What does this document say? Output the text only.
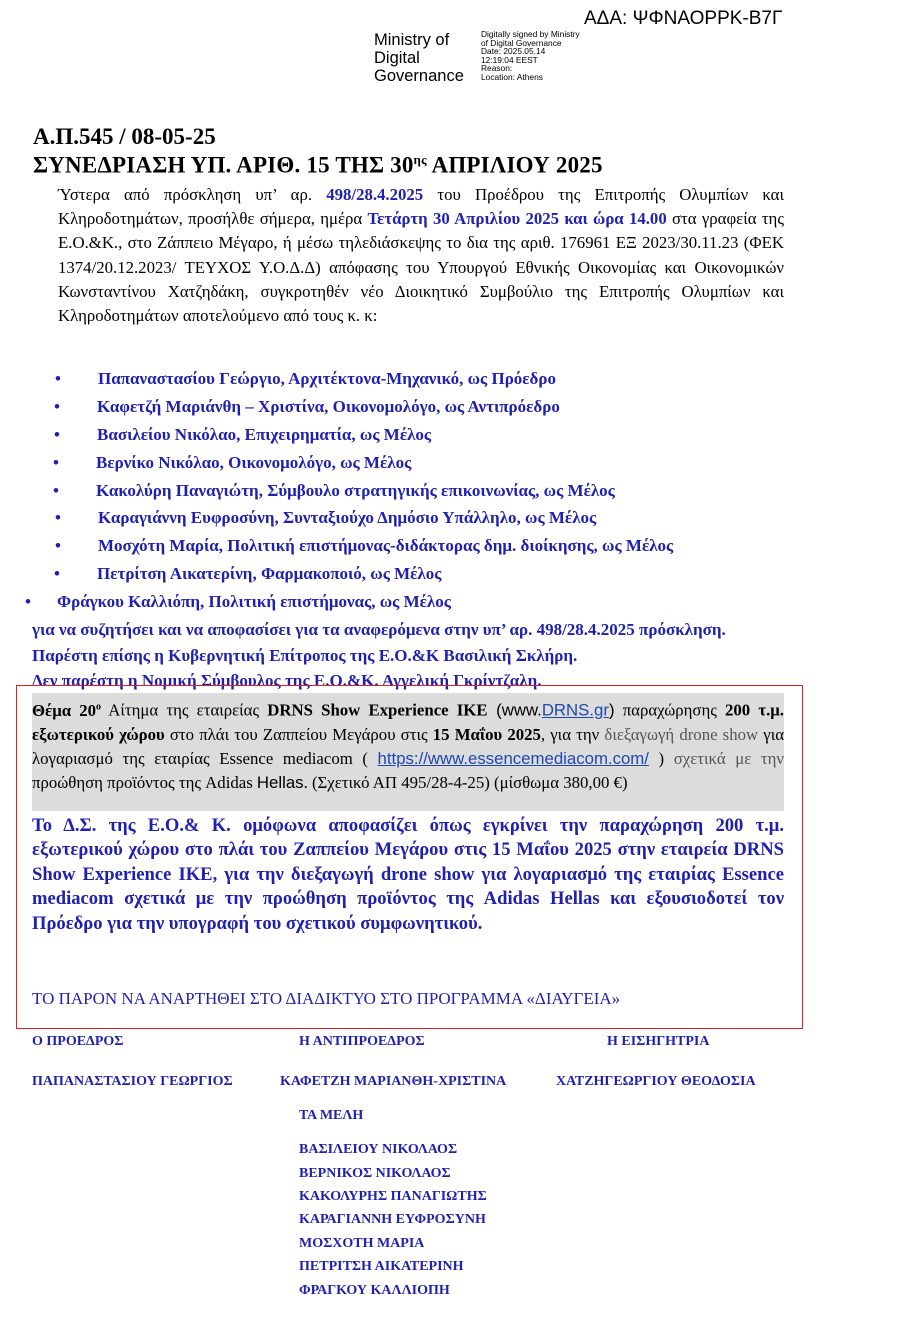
ΑΔΑ: ΨΦΝΑΟΡΡΚ-Β7Γ
Ministry of
Digital
Governance
Digitally signed by Ministry
of Digital Governance
Date: 2025.05.14
12:19:04 EEST
Reason:
Location: Athens
Α.Π.545 / 08-05-25
ΣΥΝΕΔΡΙΑΣΗ ΥΠ. ΑΡΙΘ. 15 ΤΗΣ $30^{\eta\varsigma}$ ΑΠΡΙΛΙΟΥ 2025
Ύστερα από πρόσκληση υπ’ αρ. 498/28.4.2025 του Προέδρου της Επιτροπής Ολυμπίων και Κληροδοτημάτων, προσήλθε σήμερα, ημέρα Τετάρτη 30 Απριλίου 2025 και ώρα 14.00 στα γραφεία της Ε.Ο.&Κ., στο Ζάππειο Μέγαρο, ή μέσω τηλεδιάσκεψης το δια της αριθ. 176961 ΕΞ 2023/30.11.23 (ΦΕΚ 1374/20.12.2023/ ΤΕΥΧΟΣ Υ.Ο.Δ.Δ) απόφασης του Υπουργού Εθνικής Οικονομίας και Οικονομικών Κωνσταντίνου Χατζηδάκη, συγκροτηθέν νέο Διοικητικό Συμβούλιο της Επιτροπής Ολυμπίων και Κληροδοτημάτων αποτελούμενο από τους κ. κ:
• Παπαναστασίου Γεώργιο, Αρχιτέκτονα-Μηχανικό, ως Πρόεδρο
• Καφετζή Μαριάνθη – Χριστίνα, Οικονομολόγο, ως Αντιπρόεδρο
• Βασιλείου Νικόλαο, Επιχειρηματία, ως Μέλος
• Βερνίκο Νικόλαο, Οικονομολόγο, ως Μέλος
• Κακολύρη Παναγιώτη, Σύμβουλο στρατηγικής επικοινωνίας, ως Μέλος
• Καραγιάννη Ευφροσύνη, Συνταξιούχο Δημόσιο Υπάλληλο, ως Μέλος
• Μοσχότη Μαρία, Πολιτική επιστήμονας-διδάκτορας δημ. διοίκησης, ως Μέλος
• Πετρίτση Αικατερίνη, Φαρμακοποιό, ως Μέλος
• Φράγκου Καλλιόπη, Πολιτική επιστήμονας, ως Μέλος
για να συζητήσει και να αποφασίσει για τα αναφερόμενα στην υπ’ αρ. 498/28.4.2025 πρόσκληση.
Παρέστη επίσης η Κυβερνητική Επίτροπος της Ε.Ο.&Κ Βασιλική Σκλήρη.
Δεν παρέστη η Νομική Σύμβουλος της Ε.Ο.&Κ. Αγγελική Γκρίντζαλη.
Θέμα $20^o$ Αίτημα της εταιρείας DRNS Show Experience IKE (www.DRNS.gr) παραχώρησης 200 τ.μ. εξωτερικού χώρου στο πλάι του Ζαππείου Μεγάρου στις 15 Μαΐου 2025, για την διεξαγωγή drone show για λογαριασμό της εταιρίας Essence mediacom ( https://www.essencemediacom.com/ ) σχετικά με την προώθηση προϊόντος της Adidas Hellas. (Σχετικό ΑΠ 495/28-4-25) (μίσθωμα 380,00 €)
Το Δ.Σ. της Ε.Ο.& Κ. ομόφωνα αποφασίζει όπως εγκρίνει την παραχώρηση 200 τ.μ. εξωτερικού χώρου στο πλάι του Ζαππείου Μεγάρου στις 15 Μαΐου 2025 στην εταιρεία DRNS Show Experience IKE, για την διεξαγωγή drone show για λογαριασμό της εταιρίας Essence mediacom σχετικά με την προώθηση προϊόντος της Adidas Hellas και εξουσιοδοτεί τον Πρόεδρο για την υπογραφή του σχετικού συμφωνητικού.
ΤΟ ΠΑΡΟΝ ΝΑ ΑΝΑΡΤΗΘΕΙ ΣΤΟ ΔΙΑΔΙΚΤΥΟ ΣΤΟ ΠΡΟΓΡΑΜΜΑ «ΔΙΑΥΓΕΙΑ»
Ο ΠΡΟΕΔΡΟΣ	Η ΑΝΤΙΠΡΟΕΔΡΟΣ	Η ΕΙΣΗΓΗΤΡΙΑ
ΠΑΠΑΝΑΣΤΑΣΙΟΥ ΓΕΩΡΓΙΟΣ	ΚΑΦΕΤΖΗ ΜΑΡΙΑΝΘΗ-ΧΡΙΣΤΙΝΑ	ΧΑΤΖΗΓΕΩΡΓΙΟΥ ΘΕΟΔΟΣΙΑ
ΤΑ ΜΕΛΗ
ΒΑΣΙΛΕΙΟΥ ΝΙΚΟΛΑΟΣ
ΒΕΡΝΙΚΟΣ ΝΙΚΟΛΑΟΣ
ΚΑΚΟΛΥΡΗΣ ΠΑΝΑΓΙΩΤΗΣ
ΚΑΡΑΓΙΑΝΝΗ ΕΥΦΡΟΣΥΝΗ
ΜΟΣΧΟΤΗ ΜΑΡΙΑ
ΠΕΤΡΙΤΣΗ ΑΙΚΑΤΕΡΙΝΗ
ΦΡΑΓΚΟΥ ΚΑΛΛΙΟΠΗ
